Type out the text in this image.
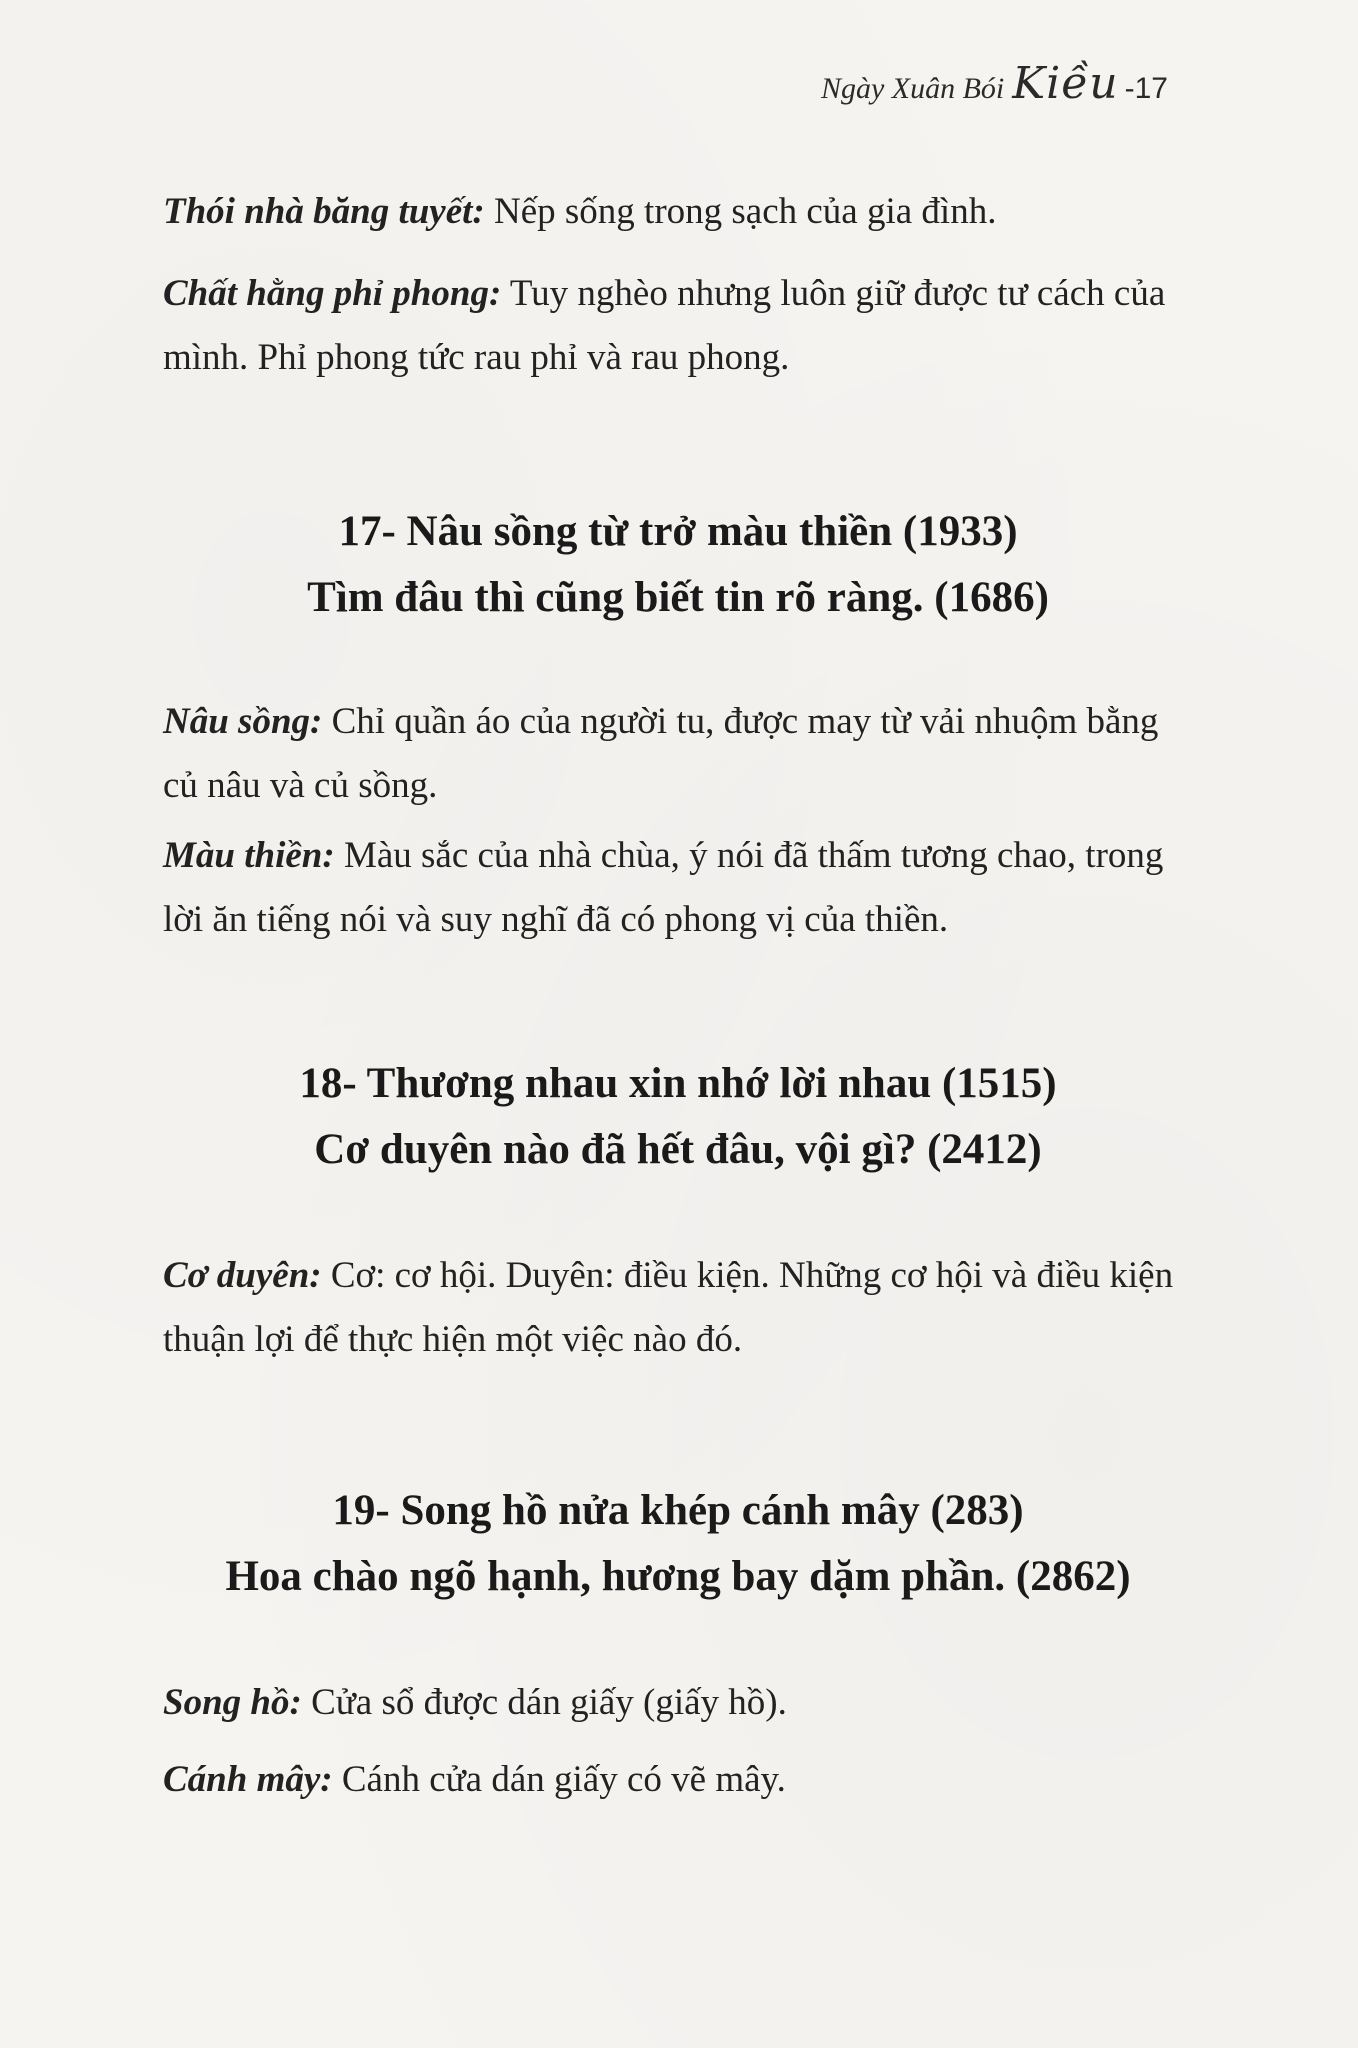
Ngày Xuân Bói Kiều -17

Thói nhà băng tuyết: Nếp sống trong sạch của gia đình.

Chất hằng phỉ phong: Tuy nghèo nhưng luôn giữ được tư cách của mình. Phỉ phong tức rau phỉ và rau phong.

17- Nâu sồng từ trở màu thiền (1933)
Tìm đâu thì cũng biết tin rõ ràng. (1686)

Nâu sồng: Chỉ quần áo của người tu, được may từ vải nhuộm bằng củ nâu và củ sồng.

Màu thiền: Màu sắc của nhà chùa, ý nói đã thấm tương chao, trong lời ăn tiếng nói và suy nghĩ đã có phong vị của thiền.

18- Thương nhau xin nhớ lời nhau (1515)
Cơ duyên nào đã hết đâu, vội gì? (2412)

Cơ duyên: Cơ: cơ hội. Duyên: điều kiện. Những cơ hội và điều kiện thuận lợi để thực hiện một việc nào đó.

19- Song hồ nửa khép cánh mây (283)
Hoa chào ngõ hạnh, hương bay dặm phần. (2862)

Song hồ: Cửa sổ được dán giấy (giấy hồ).

Cánh mây: Cánh cửa dán giấy có vẽ mây.
